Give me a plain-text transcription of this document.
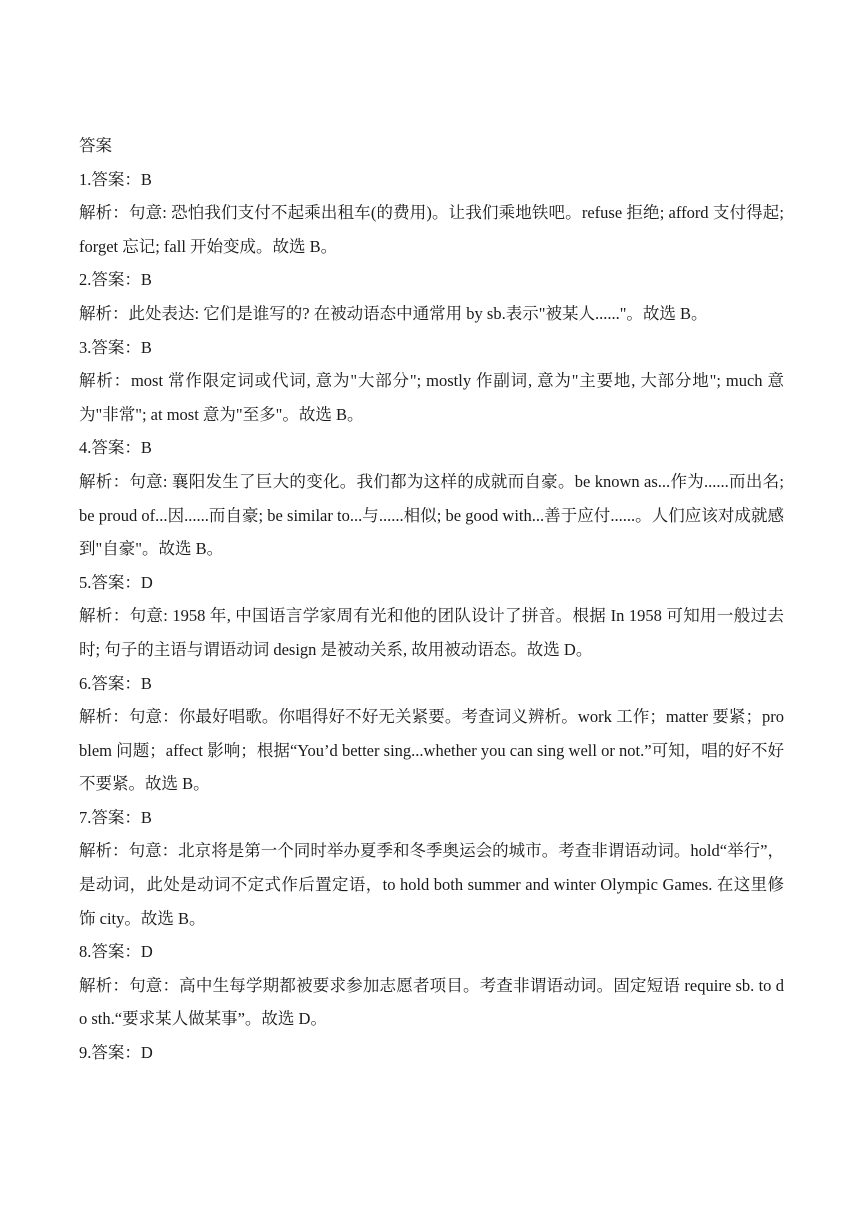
答案
1.答案：B

解析：句意: 恐怕我们支付不起乘出租车(的费用)。让我们乘地铁吧。refuse 拒绝; afford 支付得起; forget 忘记; fall 开始变成。故选 B。

2.答案：B

解析：此处表达: 它们是谁写的? 在被动语态中通常用 by sb.表示"被某人......"。故选 B。

3.答案：B

解析：most 常作限定词或代词, 意为"大部分"; mostly 作副词, 意为"主要地, 大部分地"; much 意为"非常"; at most 意为"至多"。故选 B。

4.答案：B

解析：句意: 襄阳发生了巨大的变化。我们都为这样的成就而自豪。be known as...作为......而出名; be proud of...因......而自豪; be similar to...与......相似; be good with...善于应付......。人们应该对成就感到"自豪"。故选 B。

5.答案：D

解析：句意: 1958 年, 中国语言学家周有光和他的团队设计了拼音。根据 In 1958 可知用一般过去时; 句子的主语与谓语动词 design 是被动关系, 故用被动语态。故选 D。

6.答案：B

解析：句意：你最好唱歌。你唱得好不好无关紧要。考查词义辨析。work 工作；matter 要紧；problem 问题；affect 影响；根据“You’d better sing...whether you can sing well or not.”可知，唱的好不好不要紧。故选 B。

7.答案：B

解析：句意：北京将是第一个同时举办夏季和冬季奥运会的城市。考查非谓语动词。hold“举行”，是动词，此处是动词不定式作后置定语，to hold both summer and winter Olympic Games. 在这里修饰 city。故选 B。

8.答案：D

解析：句意：高中生每学期都被要求参加志愿者项目。考查非谓语动词。固定短语 require sb. to do sth.“要求某人做某事”。故选 D。

9.答案：D
